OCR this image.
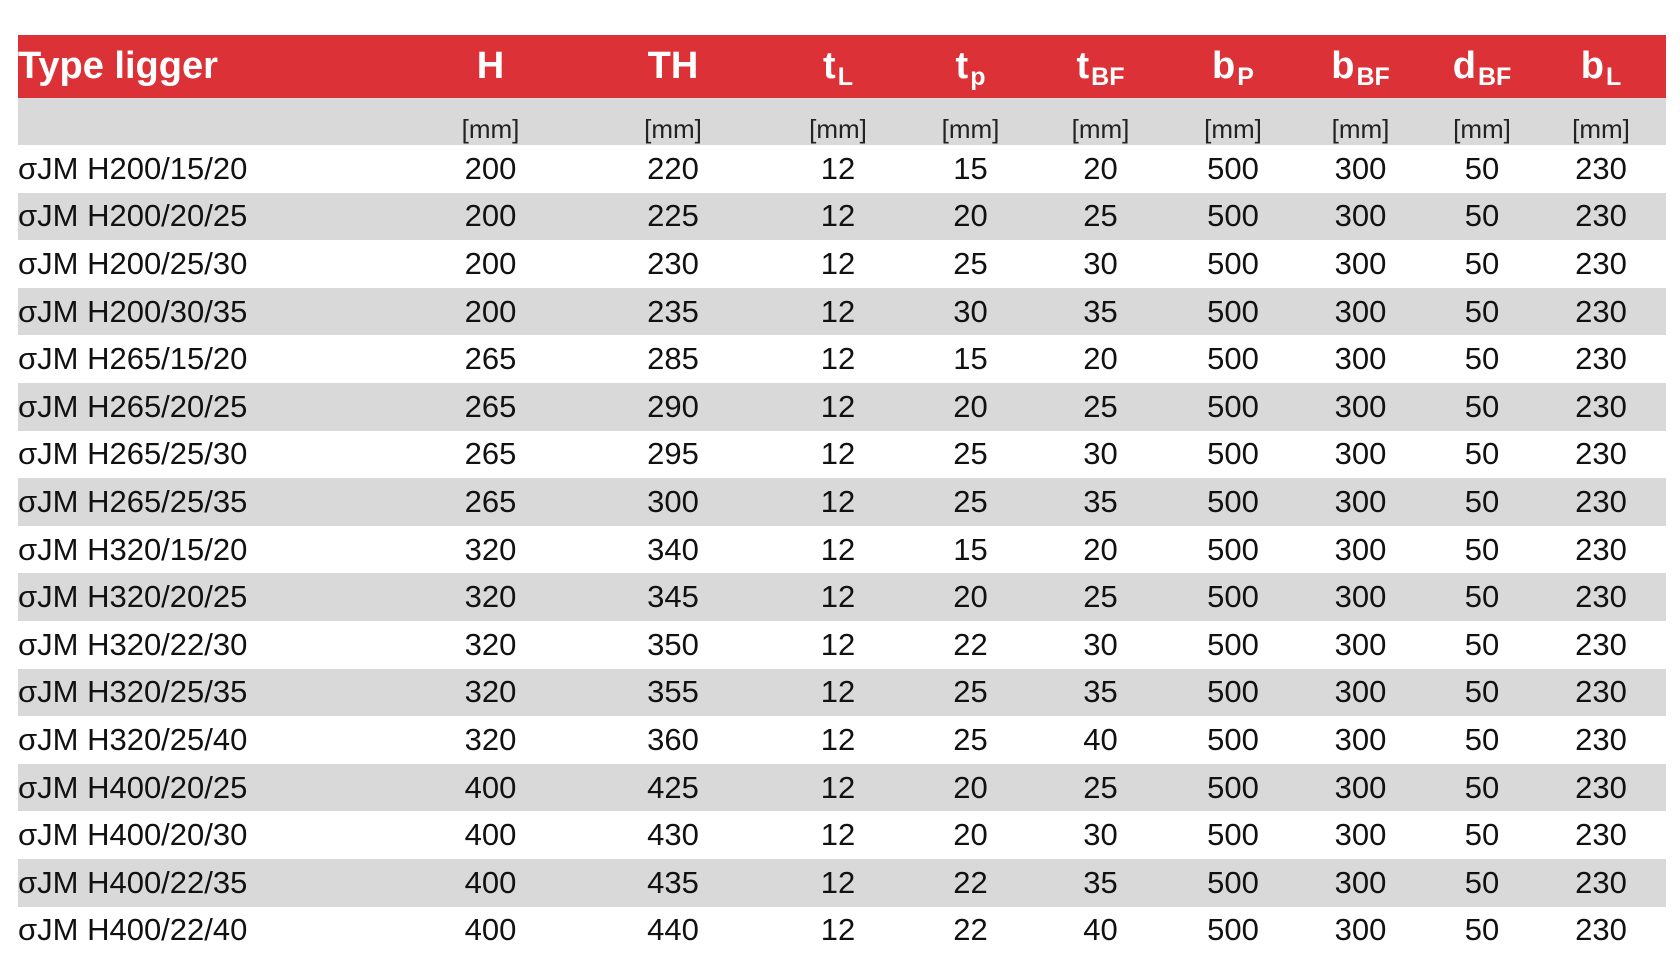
Type ligger	H	TH	$t_L$	$t_p$	$t_{BF}$	$b_P$	$b_{BF}$	$d_{BF}$	$b_L$
	[mm]	[mm]	[mm]	[mm]	[mm]	[mm]	[mm]	[mm]	[mm]
σJM H200/15/20	200	220	12	15	20	500	300	50	230
σJM H200/20/25	200	225	12	20	25	500	300	50	230
σJM H200/25/30	200	230	12	25	30	500	300	50	230
σJM H200/30/35	200	235	12	30	35	500	300	50	230
σJM H265/15/20	265	285	12	15	20	500	300	50	230
σJM H265/20/25	265	290	12	20	25	500	300	50	230
σJM H265/25/30	265	295	12	25	30	500	300	50	230
σJM H265/25/35	265	300	12	25	35	500	300	50	230
σJM H320/15/20	320	340	12	15	20	500	300	50	230
σJM H320/20/25	320	345	12	20	25	500	300	50	230
σJM H320/22/30	320	350	12	22	30	500	300	50	230
σJM H320/25/35	320	355	12	25	35	500	300	50	230
σJM H320/25/40	320	360	12	25	40	500	300	50	230
σJM H400/20/25	400	425	12	20	25	500	300	50	230
σJM H400/20/30	400	430	12	20	30	500	300	50	230
σJM H400/22/35	400	435	12	22	35	500	300	50	230
σJM H400/22/40	400	440	12	22	40	500	300	50	230
